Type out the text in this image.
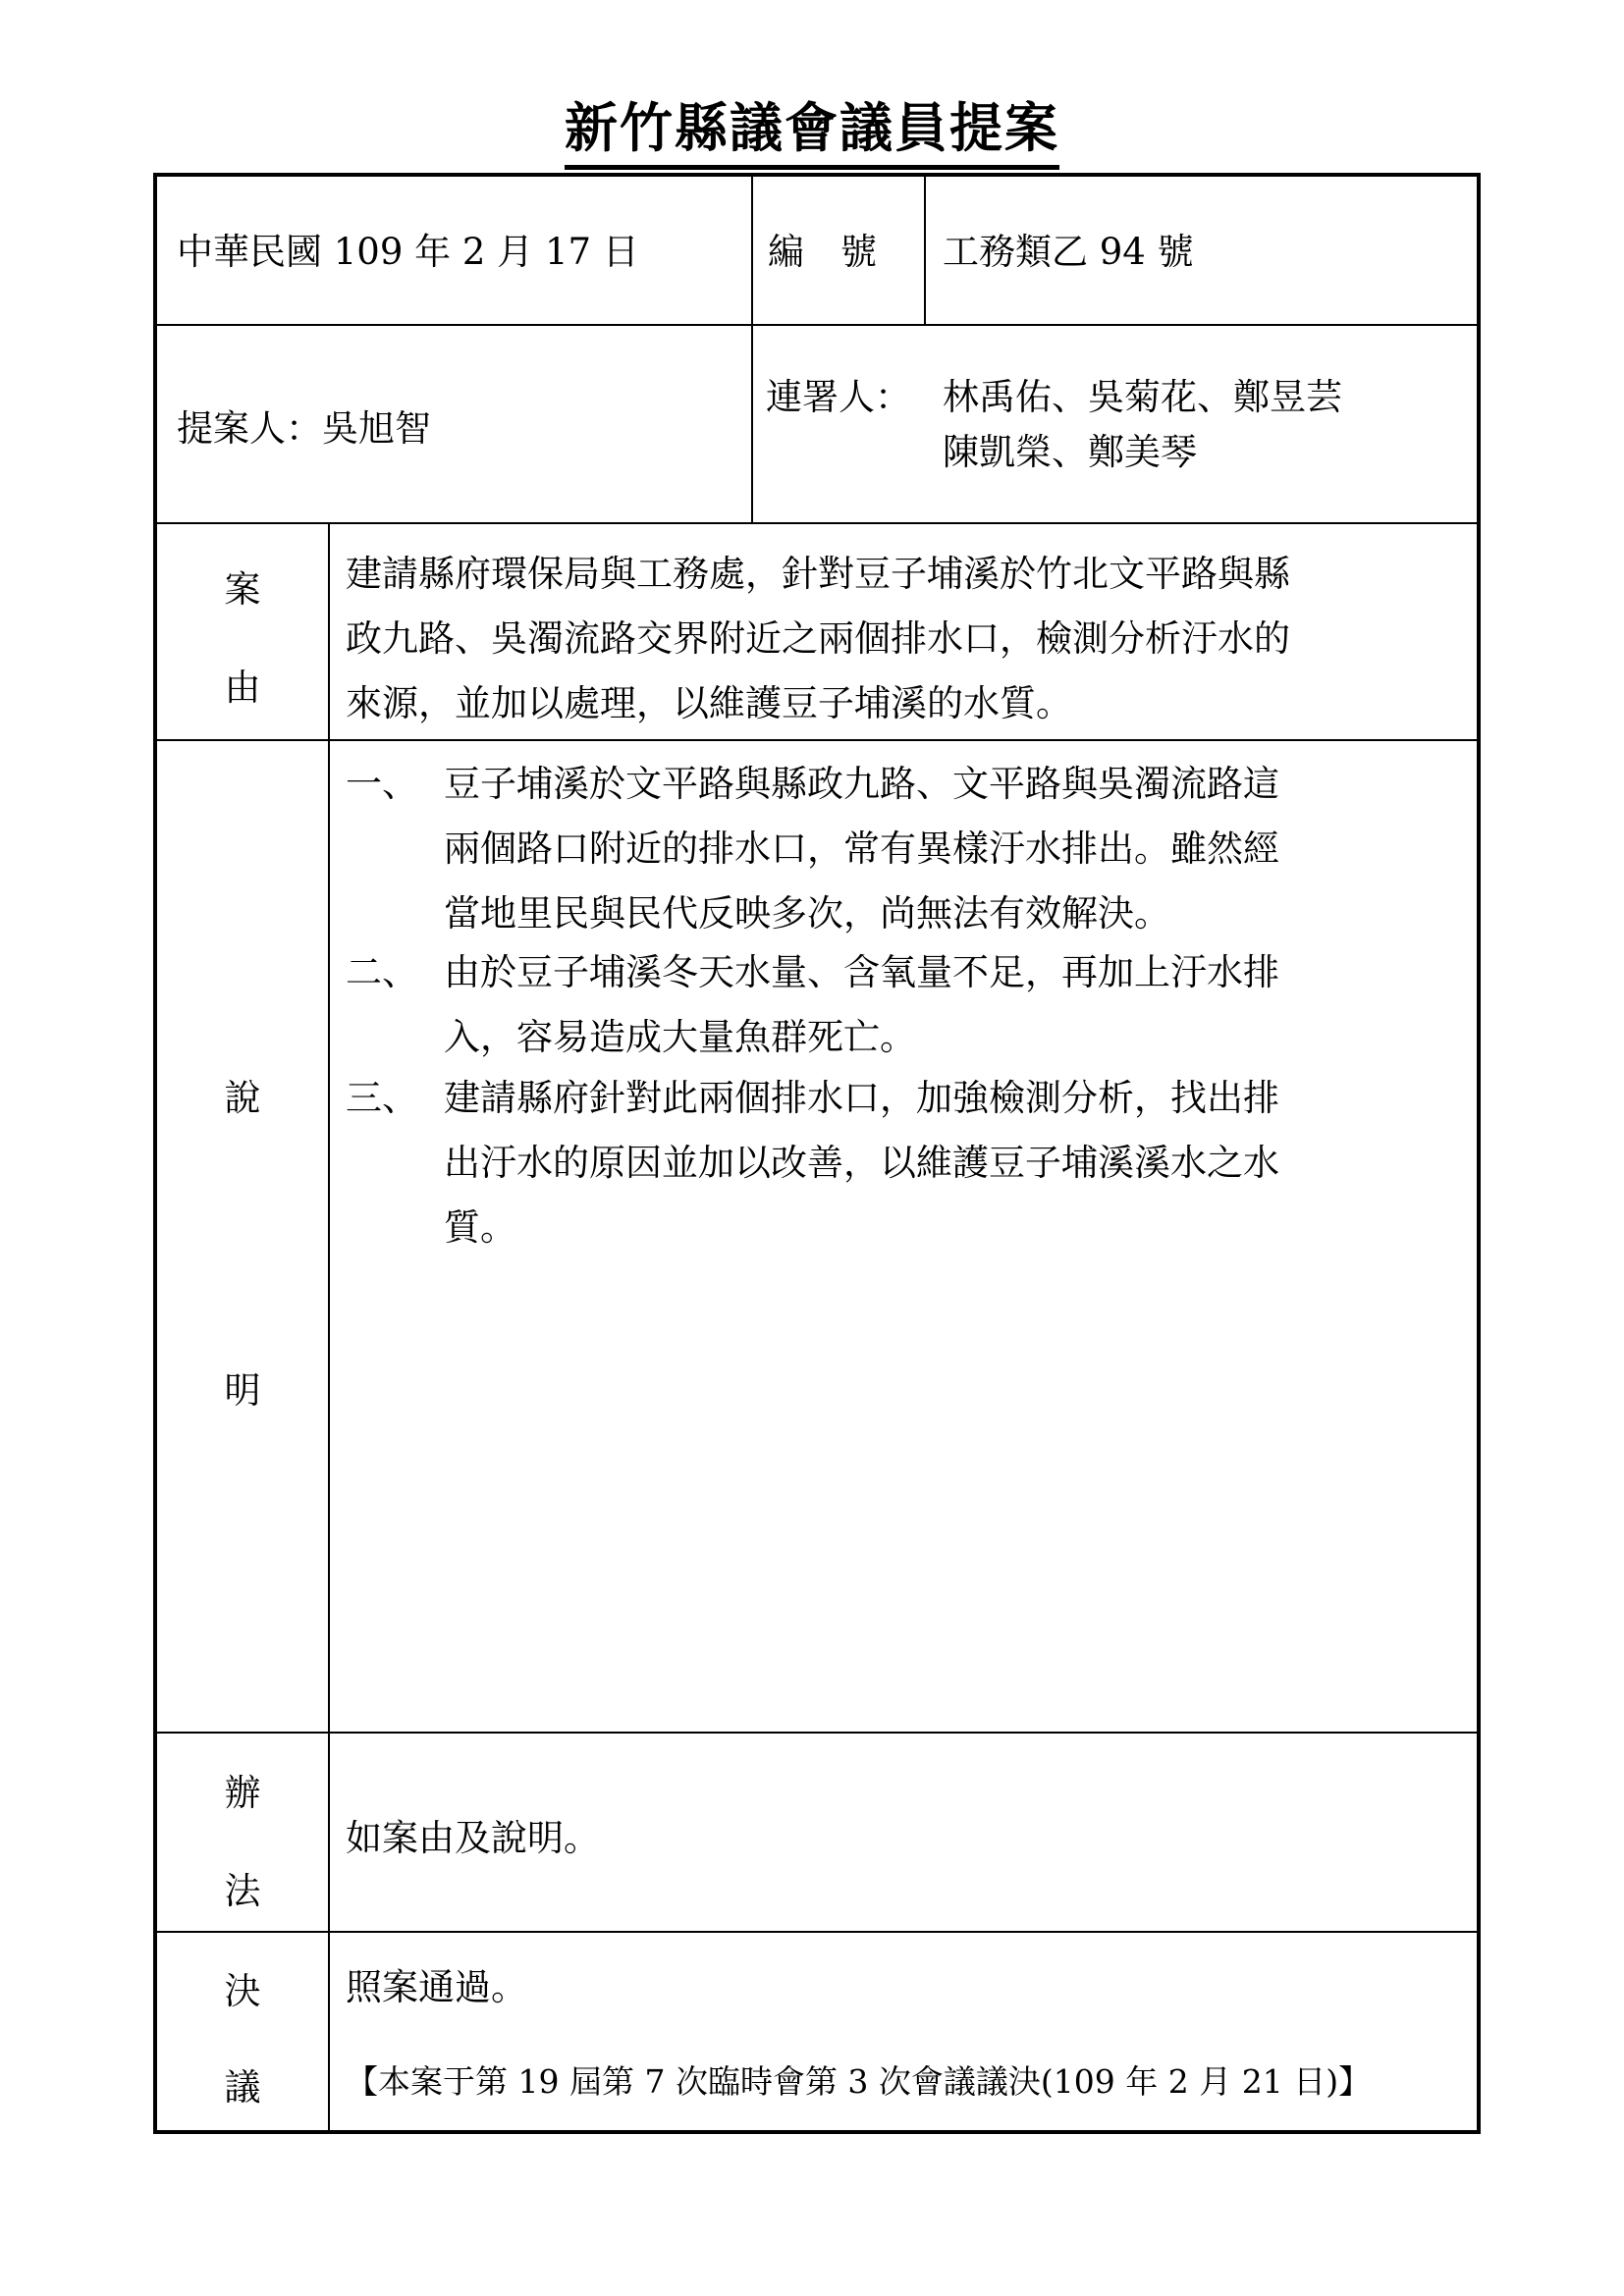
新竹縣議會議員提案
中華民國 109 年 2 月 17 日	編　號 工務類乙 94 號
提案人：吳旭智
連署人： 林禹佑、吳菊花、鄭昱芸
陳凱榮、鄭美琴
案
由
建請縣府環保局與工務處，針對豆子埔溪於竹北文平路與縣
政九路、吳濁流路交界附近之兩個排水口，檢測分析汙水的
來源，並加以處理，以維護豆子埔溪的水質。
說
明
一、 豆子埔溪於文平路與縣政九路、文平路與吳濁流路這
兩個路口附近的排水口，常有異樣汙水排出。雖然經
當地里民與民代反映多次，尚無法有效解決。
二、 由於豆子埔溪冬天水量、含氧量不足，再加上汙水排
入，容易造成大量魚群死亡。
三、 建請縣府針對此兩個排水口，加強檢測分析，找出排
出汙水的原因並加以改善，以維護豆子埔溪溪水之水
質。
辦
法
如案由及說明。
決
議
照案通過。
【本案于第 19 屆第 7 次臨時會第 3 次會議議決(109 年 2 月 21 日)】
